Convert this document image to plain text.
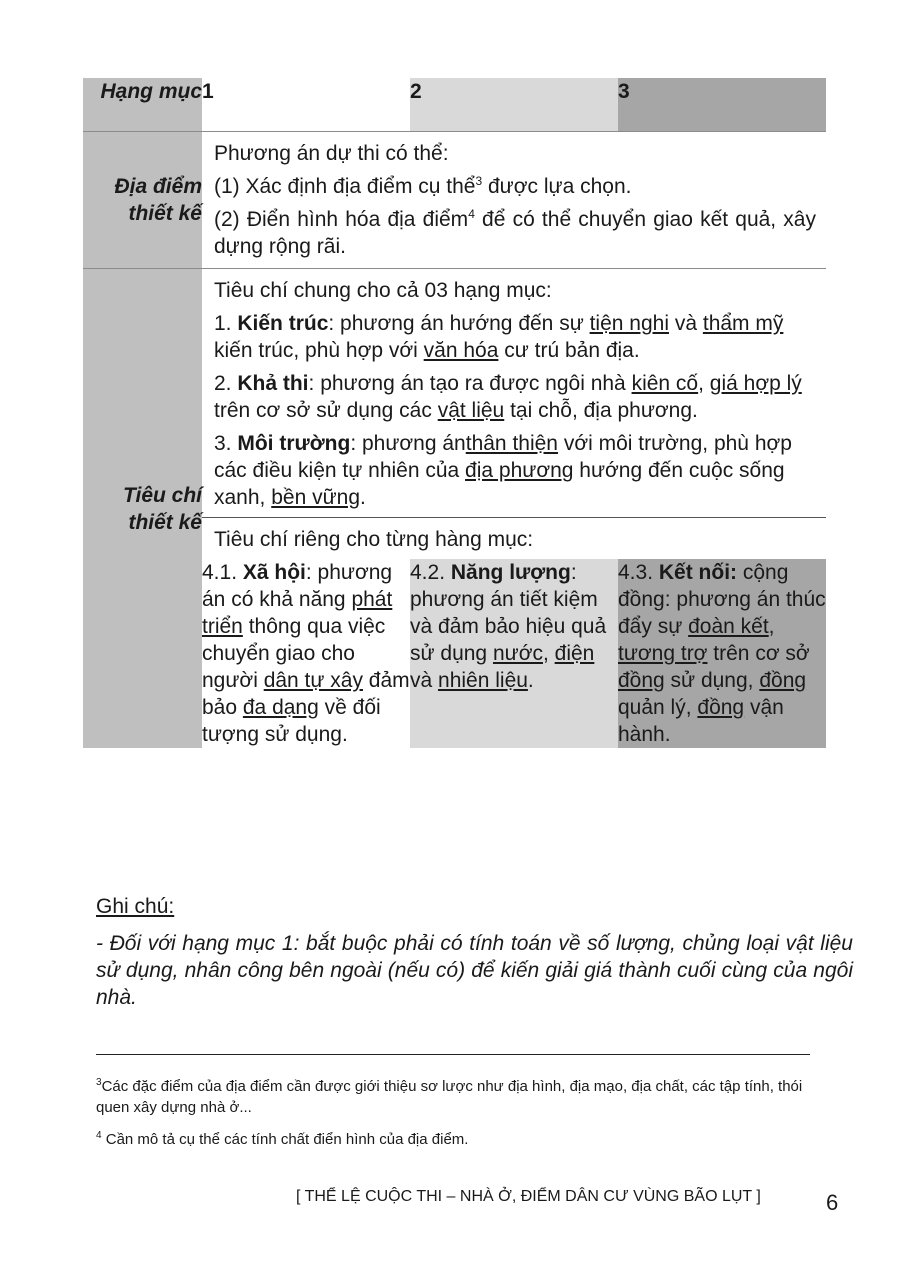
Hạng mục	1	2	3
Địa điểm thiết kế	Phương án dự thi có thể:

(1) Xác định địa điểm cụ thể$^3$ được lựa chọn.

(2) Điển hình hóa địa điểm$^4$ để có thể chuyển giao kết quả, xây dựng rộng rãi.		

Tiêu chí thiết kế	Tiêu chí chung cho cả 03 hạng mục:

1. Kiến trúc: phương án hướng đến sự tiện nghi và thẩm mỹ kiến trúc, phù hợp với văn hóa cư trú bản địa.

2. Khả thi: phương án tạo ra được ngôi nhà kiên cố, giá hợp lý trên cơ sở sử dụng các vật liệu tại chỗ, địa phương.

3. Môi trường: phương ánthân thiện với môi trường, phù hợp các điều kiện tự nhiên của địa phương hướng đến cuộc sống xanh, bền vững.		

	Tiêu chí riêng cho từng hàng mục:		
	4.1. Xã hội: phương án có khả năng phát triển thông qua việc chuyển giao cho người dân tự xây đảm bảo đa dạng về đối tượng sử dụng.	4.2. Năng lượng: phương án tiết kiệm và đảm bảo hiệu quả sử dụng nước, điện và nhiên liệu.	4.3. Kết nối: cộng đồng: phương án thúc đẩy sự đoàn kết, tương trợ trên cơ sở đồng sử dụng, đồng quản lý, đồng vận hành.
Ghi chú:
- Đối với hạng mục 1: bắt buộc phải có tính toán về số lượng, chủng loại vật liệu sử dụng, nhân công bên ngoài (nếu có) để kiến giải giá thành cuối cùng của ngôi nhà.
$^3$Các đặc điểm của địa điểm cần được giới thiệu sơ lược như địa hình, địa mạo, địa chất, các tập tính, thói quen xây dựng nhà ở...
$^4$ Cần mô tả cụ thể các tính chất điển hình của địa điểm.
[ THỂ LỆ CUỘC THI – NHÀ Ở, ĐIỂM DÂN CƯ VÙNG BÃO LỤT ]	6
